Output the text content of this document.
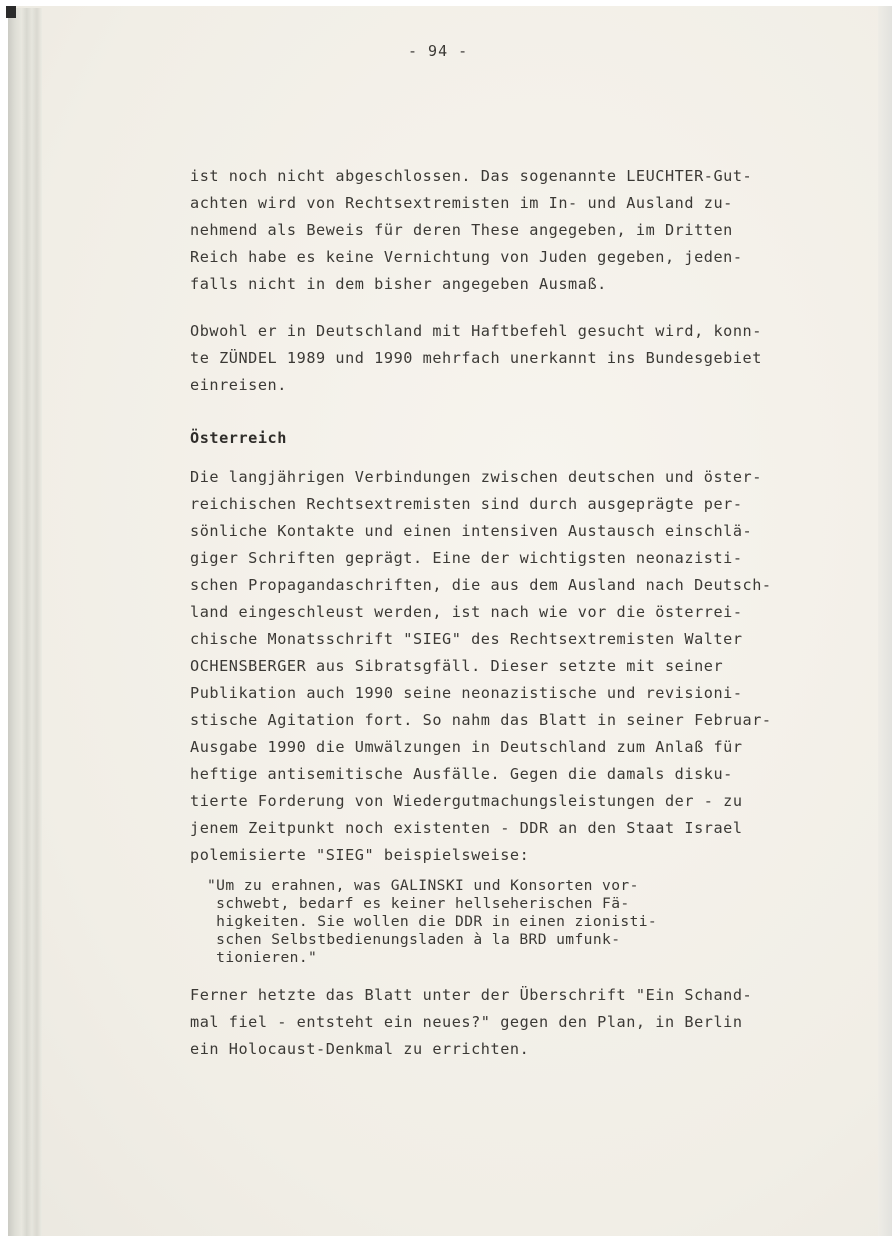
- 94 -
ist noch nicht abgeschlossen. Das sogenannte LEUCHTER-Gut-
achten wird von Rechtsextremisten im In- und Ausland zu-
nehmend als Beweis für deren These angegeben, im Dritten
Reich habe es keine Vernichtung von Juden gegeben, jeden-
falls nicht in dem bisher angegeben Ausmaß.
Obwohl er in Deutschland mit Haftbefehl gesucht wird, konn-
te ZÜNDEL 1989 und 1990 mehrfach unerkannt ins Bundesgebiet
einreisen.
Österreich
Die langjährigen Verbindungen zwischen deutschen und öster-
reichischen Rechtsextremisten sind durch ausgeprägte per-
sönliche Kontakte und einen intensiven Austausch einschlä-
giger Schriften geprägt. Eine der wichtigsten neonazisti-
schen Propagandaschriften, die aus dem Ausland nach Deutsch-
land eingeschleust werden, ist nach wie vor die österrei-
chische Monatsschrift "SIEG" des Rechtsextremisten Walter
OCHENSBERGER aus Sibratsgfäll. Dieser setzte mit seiner
Publikation auch 1990 seine neonazistische und revisioni-
stische Agitation fort. So nahm das Blatt in seiner Februar-
Ausgabe 1990 die Umwälzungen in Deutschland zum Anlaß für
heftige antisemitische Ausfälle. Gegen die damals disku-
tierte Forderung von Wiedergutmachungsleistungen der - zu
jenem Zeitpunkt noch existenten - DDR an den Staat Israel
polemisierte "SIEG" beispielsweise:
"Um zu erahnen, was GALINSKI und Konsorten vor-
schwebt, bedarf es keiner hellseherischen Fä-
higkeiten. Sie wollen die DDR in einen zionisti-
schen Selbstbedienungsladen à la BRD umfunk-
tionieren."
Ferner hetzte das Blatt unter der Überschrift "Ein Schand-
mal fiel - entsteht ein neues?" gegen den Plan, in Berlin
ein Holocaust-Denkmal zu errichten.
